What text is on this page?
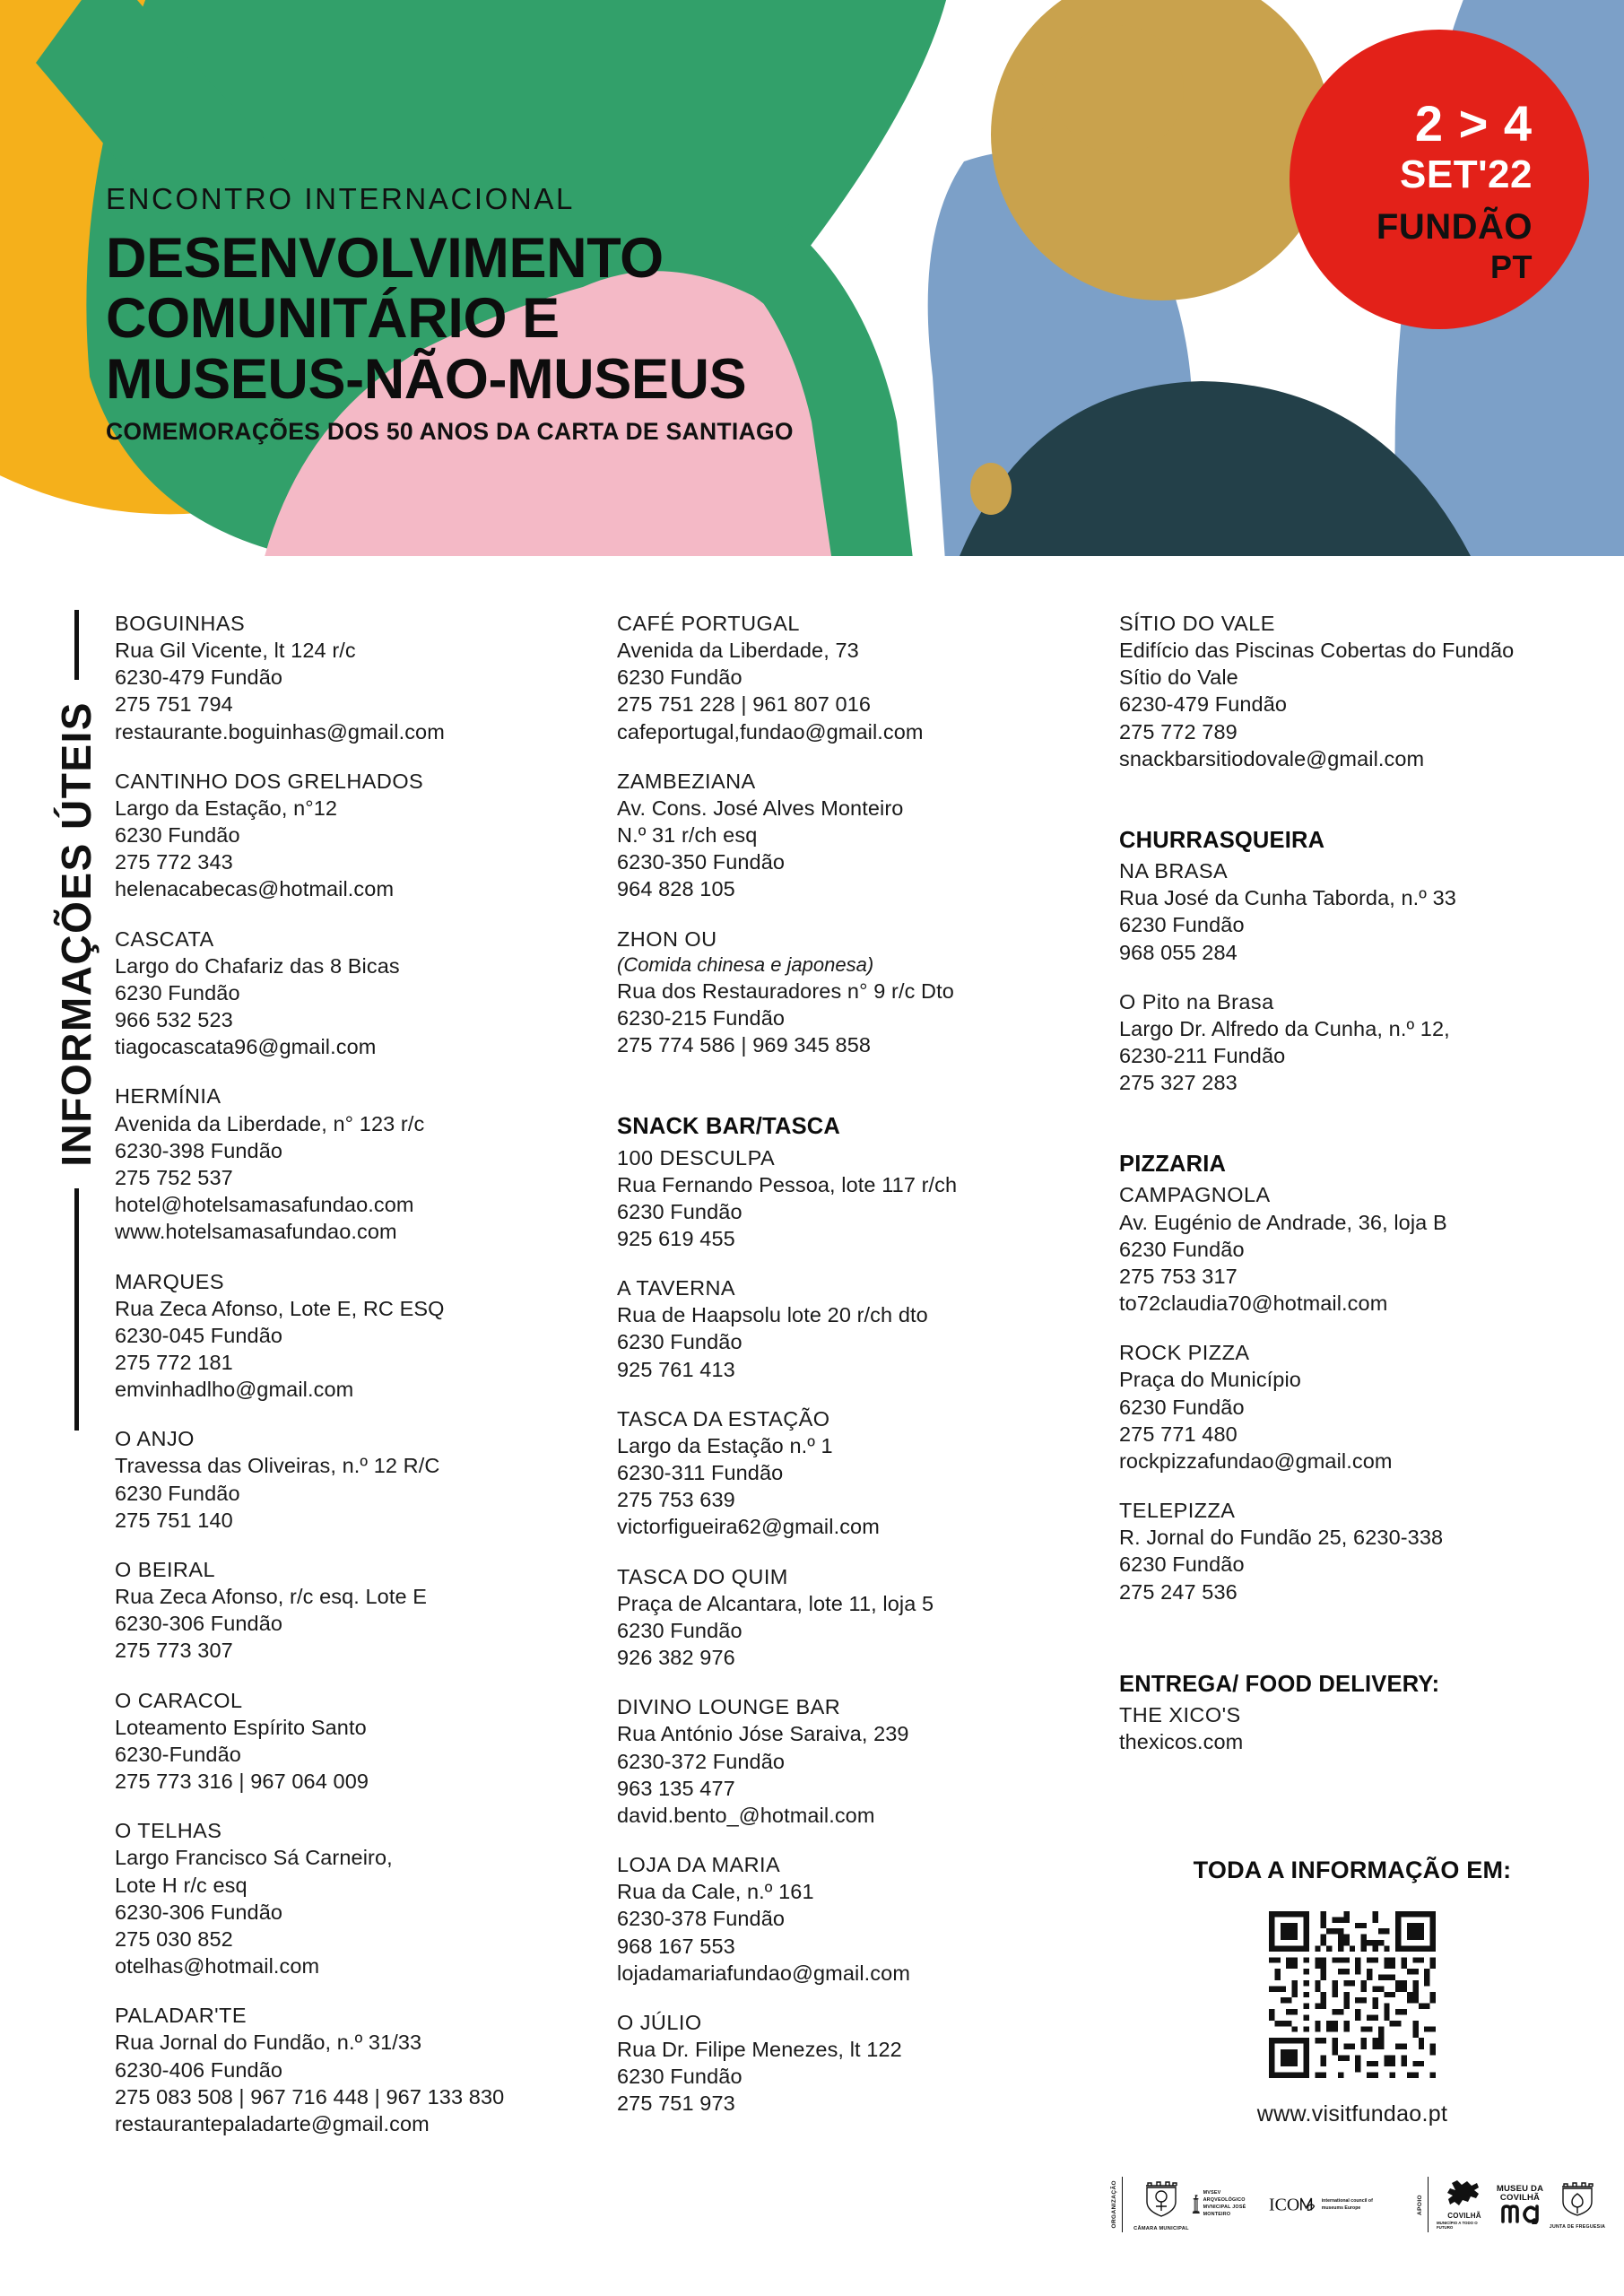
ENCONTRO INTERNACIONAL
DESENVOLVIMENTO
COMUNITÁRIO E
MUSEUS-NÃO-MUSEUS
COMEMORAÇÕES DOS 50 ANOS DA CARTA DE SANTIAGO
2 > 4
SET'22
FUNDÃO
PT
INFORMAÇÕES ÚTEIS
BOGUINHAS
Rua Gil Vicente, lt 124 r/c
6230-479 Fundão
275 751 794
restaurante.boguinhas@gmail.com
CANTINHO DOS GRELHADOS
Largo da Estação, n°12
6230 Fundão
275 772 343
helenacabecas@hotmail.com
CASCATA
Largo do Chafariz das 8 Bicas
6230 Fundão
966 532 523
tiagocascata96@gmail.com
HERMÍNIA
Avenida da Liberdade, n° 123 r/c
6230-398 Fundão
275 752 537
hotel@hotelsamasafundao.com
www.hotelsamasafundao.com
MARQUES
Rua Zeca Afonso, Lote E, RC ESQ
6230-045 Fundão
275 772 181
emvinhadlho@gmail.com
O ANJO
Travessa das Oliveiras, n.º 12 R/C
6230 Fundão
275 751 140
O BEIRAL
Rua Zeca Afonso, r/c esq. Lote E
6230-306 Fundão
275 773 307
O CARACOL
Loteamento Espírito Santo
6230-Fundão
275 773 316 | 967 064 009
O TELHAS
Largo Francisco Sá Carneiro,
Lote H r/c esq
6230-306 Fundão
275 030 852
otelhas@hotmail.com
PALADAR'TE
Rua Jornal do Fundão, n.º 31/33
6230-406 Fundão
275 083 508 | 967 716 448 | 967 133 830
restaurantepaladarte@gmail.com
CAFÉ PORTUGAL
Avenida da Liberdade, 73
6230 Fundão
275 751 228 | 961 807 016
cafeportugal,fundao@gmail.com
ZAMBEZIANA
Av. Cons. José Alves Monteiro
N.º 31 r/ch esq
6230-350 Fundão
964 828 105
ZHON OU
(Comida chinesa e japonesa)
Rua dos Restauradores n° 9 r/c Dto
6230-215 Fundão
275 774 586 | 969 345 858
SNACK BAR/TASCA
100 DESCULPA
Rua Fernando Pessoa, lote 117 r/ch
6230 Fundão
925 619 455
A TAVERNA
Rua de Haapsolu lote 20 r/ch dto
6230 Fundão
925 761 413
TASCA DA ESTAÇÃO
Largo da Estação n.º 1
6230-311 Fundão
275 753 639
victorfigueira62@gmail.com
TASCA DO QUIM
Praça de Alcantara, lote 11, loja 5
6230 Fundão
926 382 976
DIVINO LOUNGE BAR
Rua António Jóse Saraiva, 239
6230-372 Fundão
963 135 477
david.bento_@hotmail.com
LOJA DA MARIA
Rua da Cale, n.º 161
6230-378 Fundão
968 167 553
lojadamariafundao@gmail.com
O JÚLIO
Rua Dr. Filipe Menezes, lt 122
6230 Fundão
275 751 973
SÍTIO DO VALE
Edifício das Piscinas Cobertas do Fundão
Sítio do Vale
6230-479 Fundão
275 772 789
snackbarsitiodovale@gmail.com
CHURRASQUEIRA
NA BRASA
Rua José da Cunha Taborda, n.º 33
6230 Fundão
968 055 284
O Pito na Brasa
Largo Dr. Alfredo da Cunha, n.º 12,
6230-211 Fundão
275 327 283
PIZZARIA
CAMPAGNOLA
Av. Eugénio de Andrade, 36, loja B
6230 Fundão
275 753 317
to72claudia70@hotmail.com
ROCK PIZZA
Praça do Município
6230 Fundão
275 771 480
rockpizzafundao@gmail.com
TELEPIZZA
R. Jornal do Fundão 25, 6230-338
6230 Fundão
275 247 536
ENTREGA/ FOOD DELIVERY:
THE XICO'S
thexicos.com
TODA A INFORMAÇÃO EM:
www.visitfundao.pt
ORGANIZAÇÃO	CÂMARA MUNICIPAL
MVSEV ARQVEOLÓGICO MVNICIPAL JOSÉ MONTEIRO	ICO	international council of museums Europe	APOIO
COVILHÃ
MUNICÍPIO A TODO O FUTURO
MUSEU DA COVILHÃ
JUNTA DE FREGUESIA
